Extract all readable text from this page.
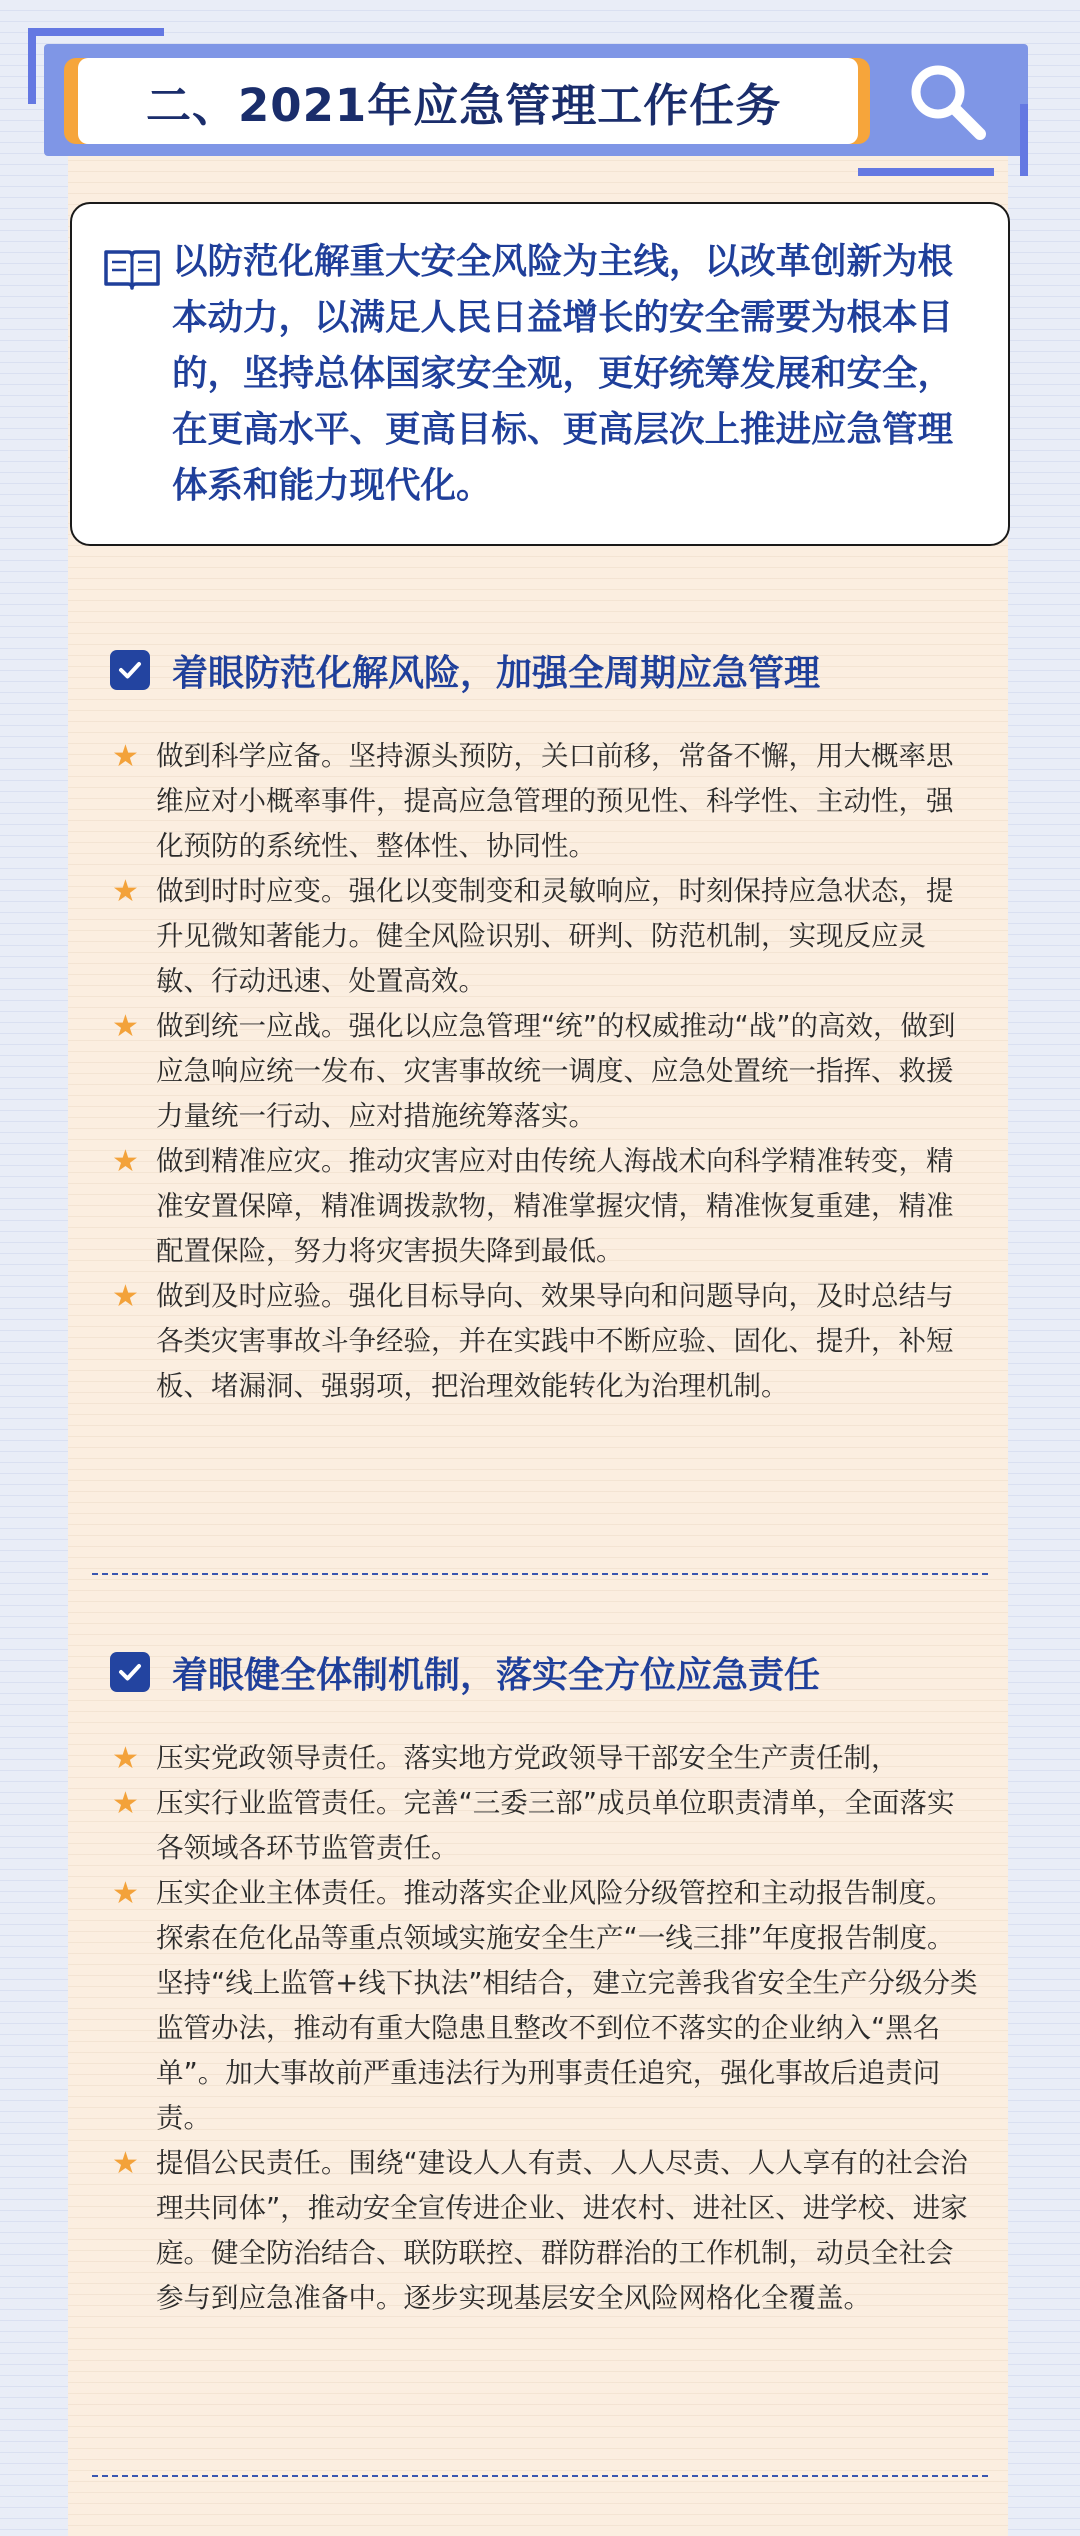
二、2021年应急管理工作任务

以防范化解重大安全风险为主线，以改革创新为根本动力，以满足人民日益增长的安全需要为根本目的，坚持总体国家安全观，更好统筹发展和安全，在更高水平、更高目标、更高层次上推进应急管理体系和能力现代化。

着眼防范化解风险，加强全周期应急管理
★ 做到科学应备。坚持源头预防，关口前移，常备不懈，用大概率思维应对小概率事件，提高应急管理的预见性、科学性、主动性，强化预防的系统性、整体性、协同性。
★ 做到时时应变。强化以变制变和灵敏响应，时刻保持应急状态，提升见微知著能力。健全风险识别、研判、防范机制，实现反应灵敏、行动迅速、处置高效。
★ 做到统一应战。强化以应急管理“统”的权威推动“战”的高效，做到应急响应统一发布、灾害事故统一调度、应急处置统一指挥、救援力量统一行动、应对措施统筹落实。
★ 做到精准应灾。推动灾害应对由传统人海战术向科学精准转变，精准安置保障，精准调拨款物，精准掌握灾情，精准恢复重建，精准配置保险，努力将灾害损失降到最低。
★ 做到及时应验。强化目标导向、效果导向和问题导向，及时总结与各类灾害事故斗争经验，并在实践中不断应验、固化、提升，补短板、堵漏洞、强弱项，把治理效能转化为治理机制。
着眼健全体制机制，落实全方位应急责任
★ 压实党政领导责任。落实地方党政领导干部安全生产责任制，
★ 压实行业监管责任。完善“三委三部”成员单位职责清单，全面落实各领域各环节监管责任。
★ 压实企业主体责任。推动落实企业风险分级管控和主动报告制度。探索在危化品等重点领域实施安全生产“一线三排”年度报告制度。坚持“线上监管+线下执法”相结合，建立完善我省安全生产分级分类监管办法，推动有重大隐患且整改不到位不落实的企业纳入“黑名单”。加大事故前严重违法行为刑事责任追究，强化事故后追责问责。
★ 提倡公民责任。围绕“建设人人有责、人人尽责、人人享有的社会治理共同体”，推动安全宣传进企业、进农村、进社区、进学校、进家庭。健全防治结合、联防联控、群防群治的工作机制，动员全社会参与到应急准备中。逐步实现基层安全风险网格化全覆盖。
